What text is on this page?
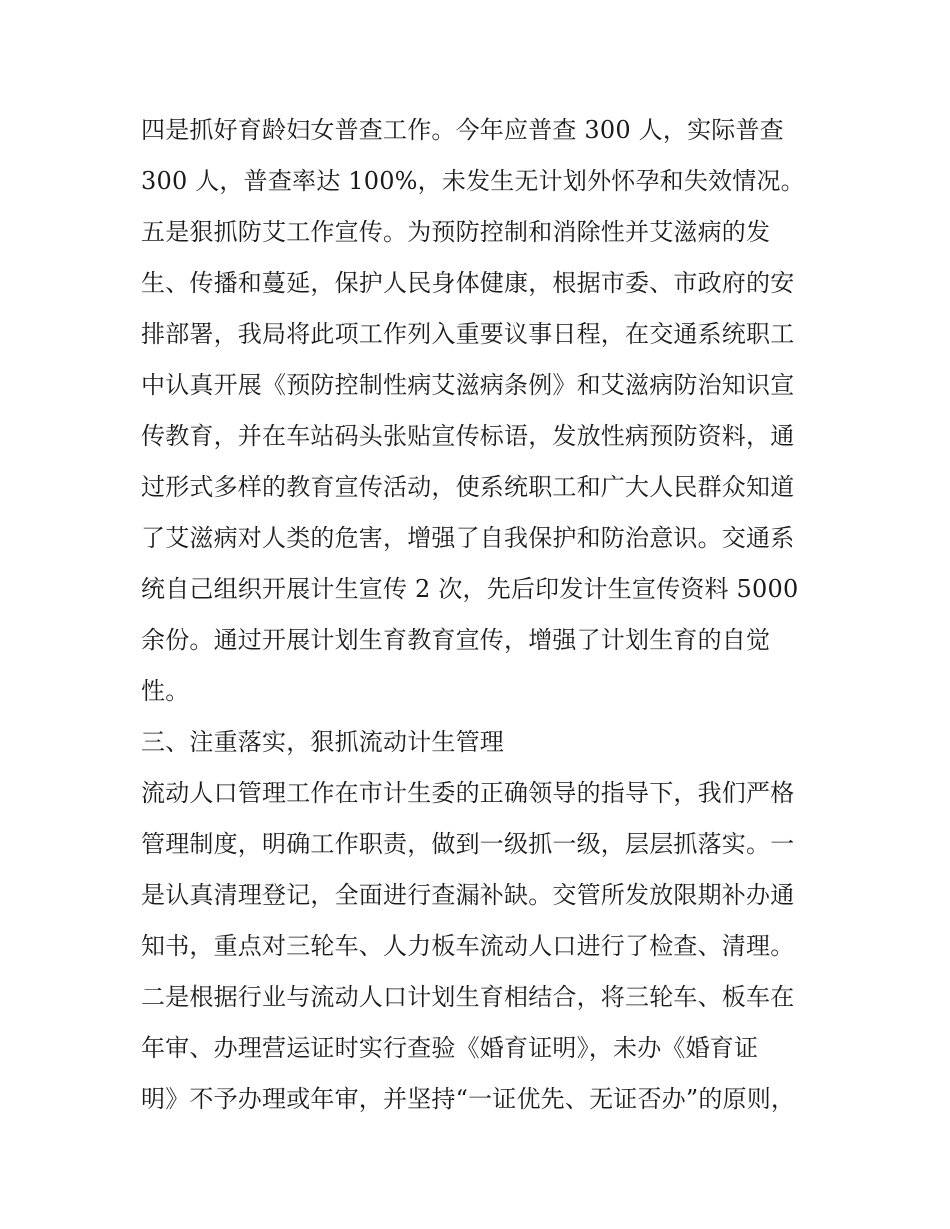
四是抓好育龄妇女普查工作。今年应普查 300 人，实际普查
300 人，普查率达 100%，未发生无计划外怀孕和失效情况。
五是狠抓防艾工作宣传。为预防控制和消除性并艾滋病的发
生、传播和蔓延，保护人民身体健康，根据市委、市政府的安
排部署，我局将此项工作列入重要议事日程，在交通系统职工
中认真开展《预防控制性病艾滋病条例》和艾滋病防治知识宣
传教育，并在车站码头张贴宣传标语，发放性病预防资料，通
过形式多样的教育宣传活动，使系统职工和广大人民群众知道
了艾滋病对人类的危害，增强了自我保护和防治意识。交通系
统自己组织开展计生宣传 2 次，先后印发计生宣传资料 5000
余份。通过开展计划生育教育宣传，增强了计划生育的自觉
性。
三、注重落实，狠抓流动计生管理
流动人口管理工作在市计生委的正确领导的指导下，我们严格
管理制度，明确工作职责，做到一级抓一级，层层抓落实。一
是认真清理登记，全面进行查漏补缺。交管所发放限期补办通
知书，重点对三轮车、人力板车流动人口进行了检查、清理。
二是根据行业与流动人口计划生育相结合，将三轮车、板车在
年审、办理营运证时实行查验《婚育证明》，未办《婚育证
明》不予办理或年审，并坚持“一证优先、无证否办”的原则，
